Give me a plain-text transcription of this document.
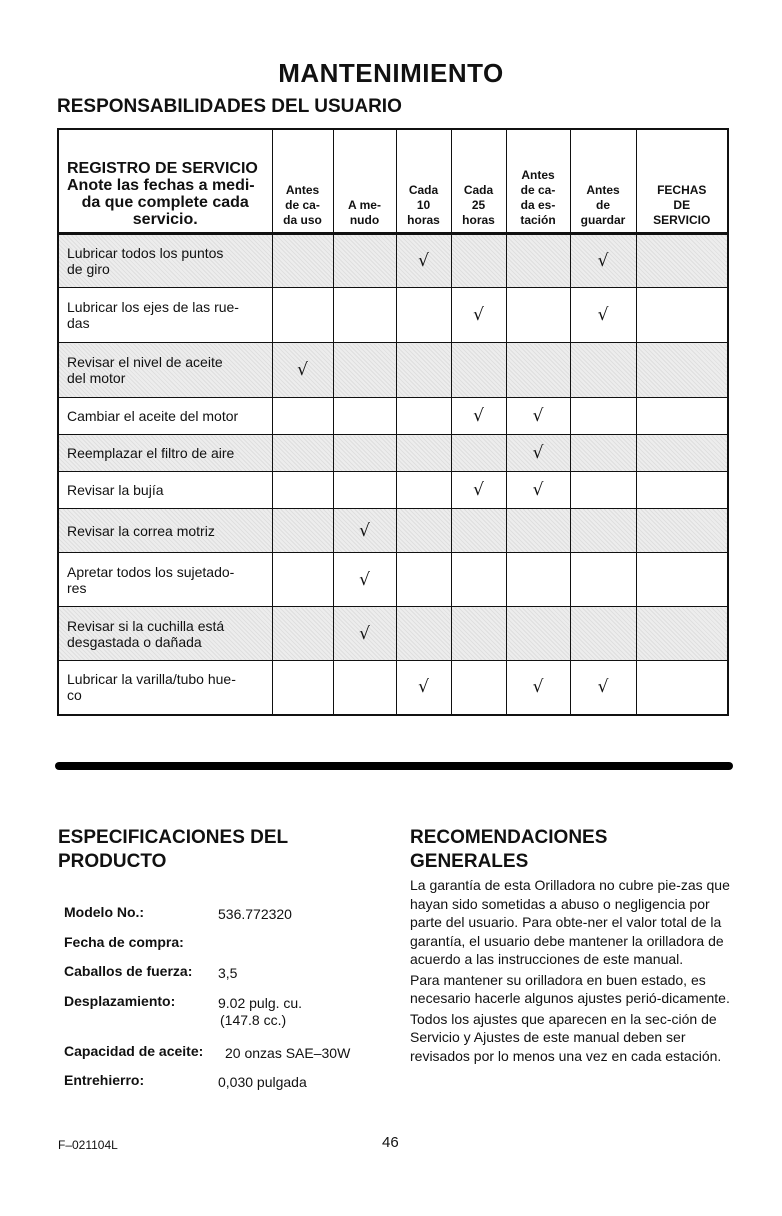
MANTENIMIENTO
RESPONSABILIDADES DEL USUARIO
REGISTRO DE SERVICIO
Anote las fechas a medi-
da que complete cada
servicio.	Antes
de ca-
da uso	A me-
nudo	Cada
10
horas	Cada
25
horas	Antes
de ca-
da es-
tación	Antes
de
guardar	FECHAS
DE
SERVICIO

Lubricar todos los puntos
de giro			√			√	
Lubricar los ejes de las rue-
das				√		√	
Revisar el nivel de aceite
del motor	√						
Cambiar el aceite del motor				√	√		
Reemplazar el filtro de aire					√		
Revisar la bujía				√	√		
Revisar la correa motriz		√					
Apretar todos los sujetado-
res		√					
Revisar si la cuchilla está
desgastada o dañada		√					
Lubricar la varilla/tubo hue-
co			√		√	√	
ESPECIFICACIONES DEL
PRODUCTO
Modelo No.:	536.772320
Fecha de compra:
Caballos de fuerza: 3,5
Desplazamiento:	9.02 pulg. cu.
(147.8 cc.)
Capacidad de aceite: 20 onzas SAE–30W
Entrehierro:	0,030 pulgada
RECOMENDACIONES
GENERALES

La garantía de esta Orilladora no cubre pie-zas que hayan sido sometidas a abuso o negligencia por parte del usuario. Para obte-ner el valor total de la garantía, el usuario debe mantener la orilladora de acuerdo a las instrucciones de este manual.

Para mantener su orilladora en buen estado, es necesario hacerle algunos ajustes perió-dicamente.

Todos los ajustes que aparecen en la sec-ción de Servicio y Ajustes de este manual deben ser revisados por lo menos una vez en cada estación.

F–021104L	46
